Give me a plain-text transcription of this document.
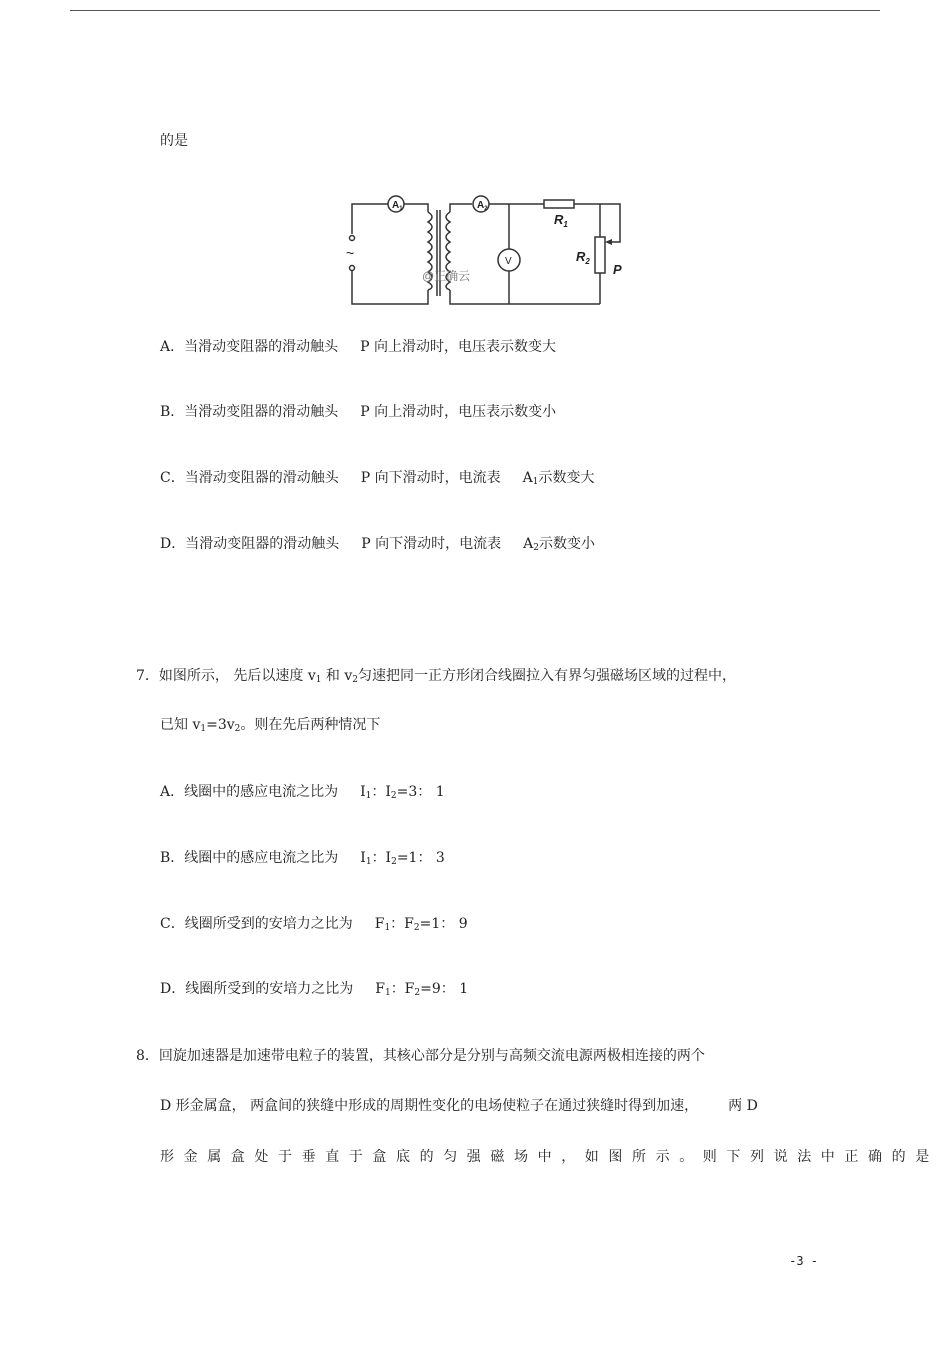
的是
$A_1$	$A_2$
V
~
$R_1$
$R_2$
P
@正确云
A．当滑动变阻器的滑动触头 P 向上滑动时，电压表示数变大
B．当滑动变阻器的滑动触头 P 向上滑动时，电压表示数变小
C．当滑动变阻器的滑动触头 P 向下滑动时，电流表 $A_1$示数变大
D．当滑动变阻器的滑动触头 P 向下滑动时，电流表 $A_2$示数变小
7．如图所示， 先后以速度 $v_1$ 和 $v_2$匀速把同一正方形闭合线圈拉入有界匀强磁场区域的过程中，
已知 $v_1=3v_2$。则在先后两种情况下
A．线圈中的感应电流之比为 $I_1$：$I_2=3$： 1
B．线圈中的感应电流之比为 $I_1$：$I_2=1$： 3
C．线圈所受到的安培力之比为 $F_1$：$F_2=1$： 9
D．线圈所受到的安培力之比为 $F_1$：$F_2=9$： 1
8．回旋加速器是加速带电粒子的装置，其核心部分是分别与高频交流电源两极相连接的两个
D 形金属盒， 两盒间的狭缝中形成的周期性变化的电场使粒子在通过狭缝时得到加速， 两 D
形金属盒处于垂直于盒底的匀强磁场中，如图所示。则下列说法中正确的是
-3 -
